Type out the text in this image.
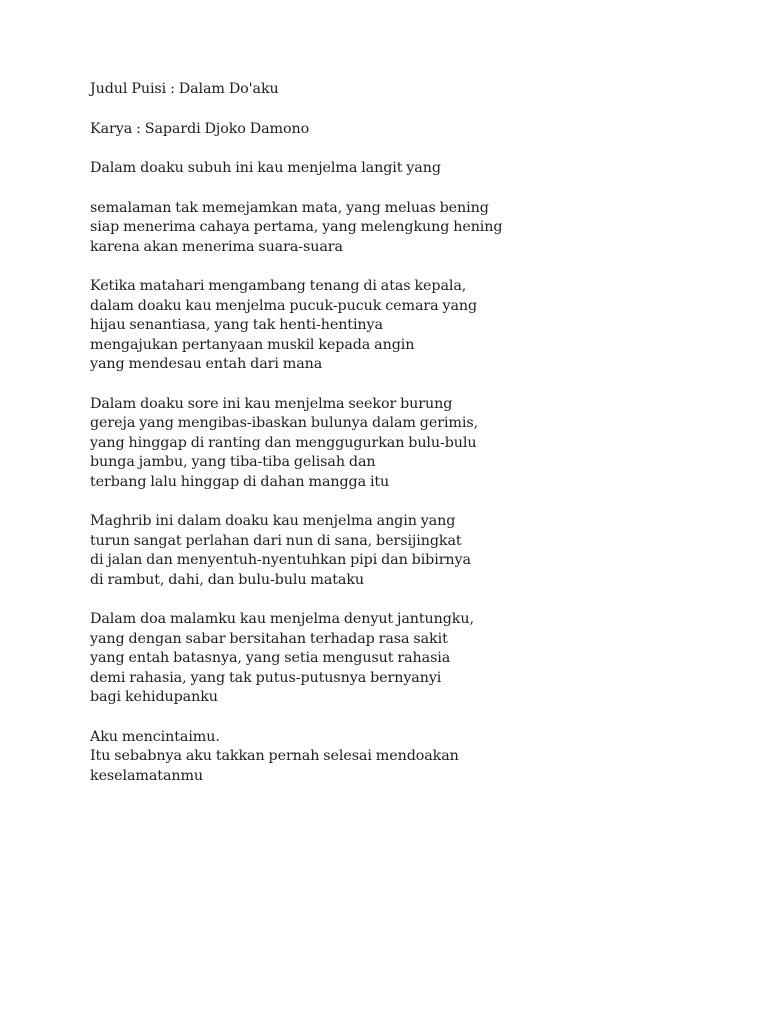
Judul Puisi : Dalam Do'aku
Karya : Sapardi Djoko Damono
Dalam doaku subuh ini kau menjelma langit yang
semalaman tak memejamkan mata, yang meluas bening
siap menerima cahaya pertama, yang melengkung hening
karena akan menerima suara-suara
Ketika matahari mengambang tenang di atas kepala,
dalam doaku kau menjelma pucuk-pucuk cemara yang
hijau senantiasa, yang tak henti-hentinya
mengajukan pertanyaan muskil kepada angin
yang mendesau entah dari mana
Dalam doaku sore ini kau menjelma seekor burung
gereja yang mengibas-ibaskan bulunya dalam gerimis,
yang hinggap di ranting dan menggugurkan bulu-bulu
bunga jambu, yang tiba-tiba gelisah dan
terbang lalu hinggap di dahan mangga itu
Maghrib ini dalam doaku kau menjelma angin yang
turun sangat perlahan dari nun di sana, bersijingkat
di jalan dan menyentuh-nyentuhkan pipi dan bibirnya
di rambut, dahi, dan bulu-bulu mataku
Dalam doa malamku kau menjelma denyut jantungku,
yang dengan sabar bersitahan terhadap rasa sakit
yang entah batasnya, yang setia mengusut rahasia
demi rahasia, yang tak putus-putusnya bernyanyi
bagi kehidupanku
Aku mencintaimu.
Itu sebabnya aku takkan pernah selesai mendoakan
keselamatanmu
